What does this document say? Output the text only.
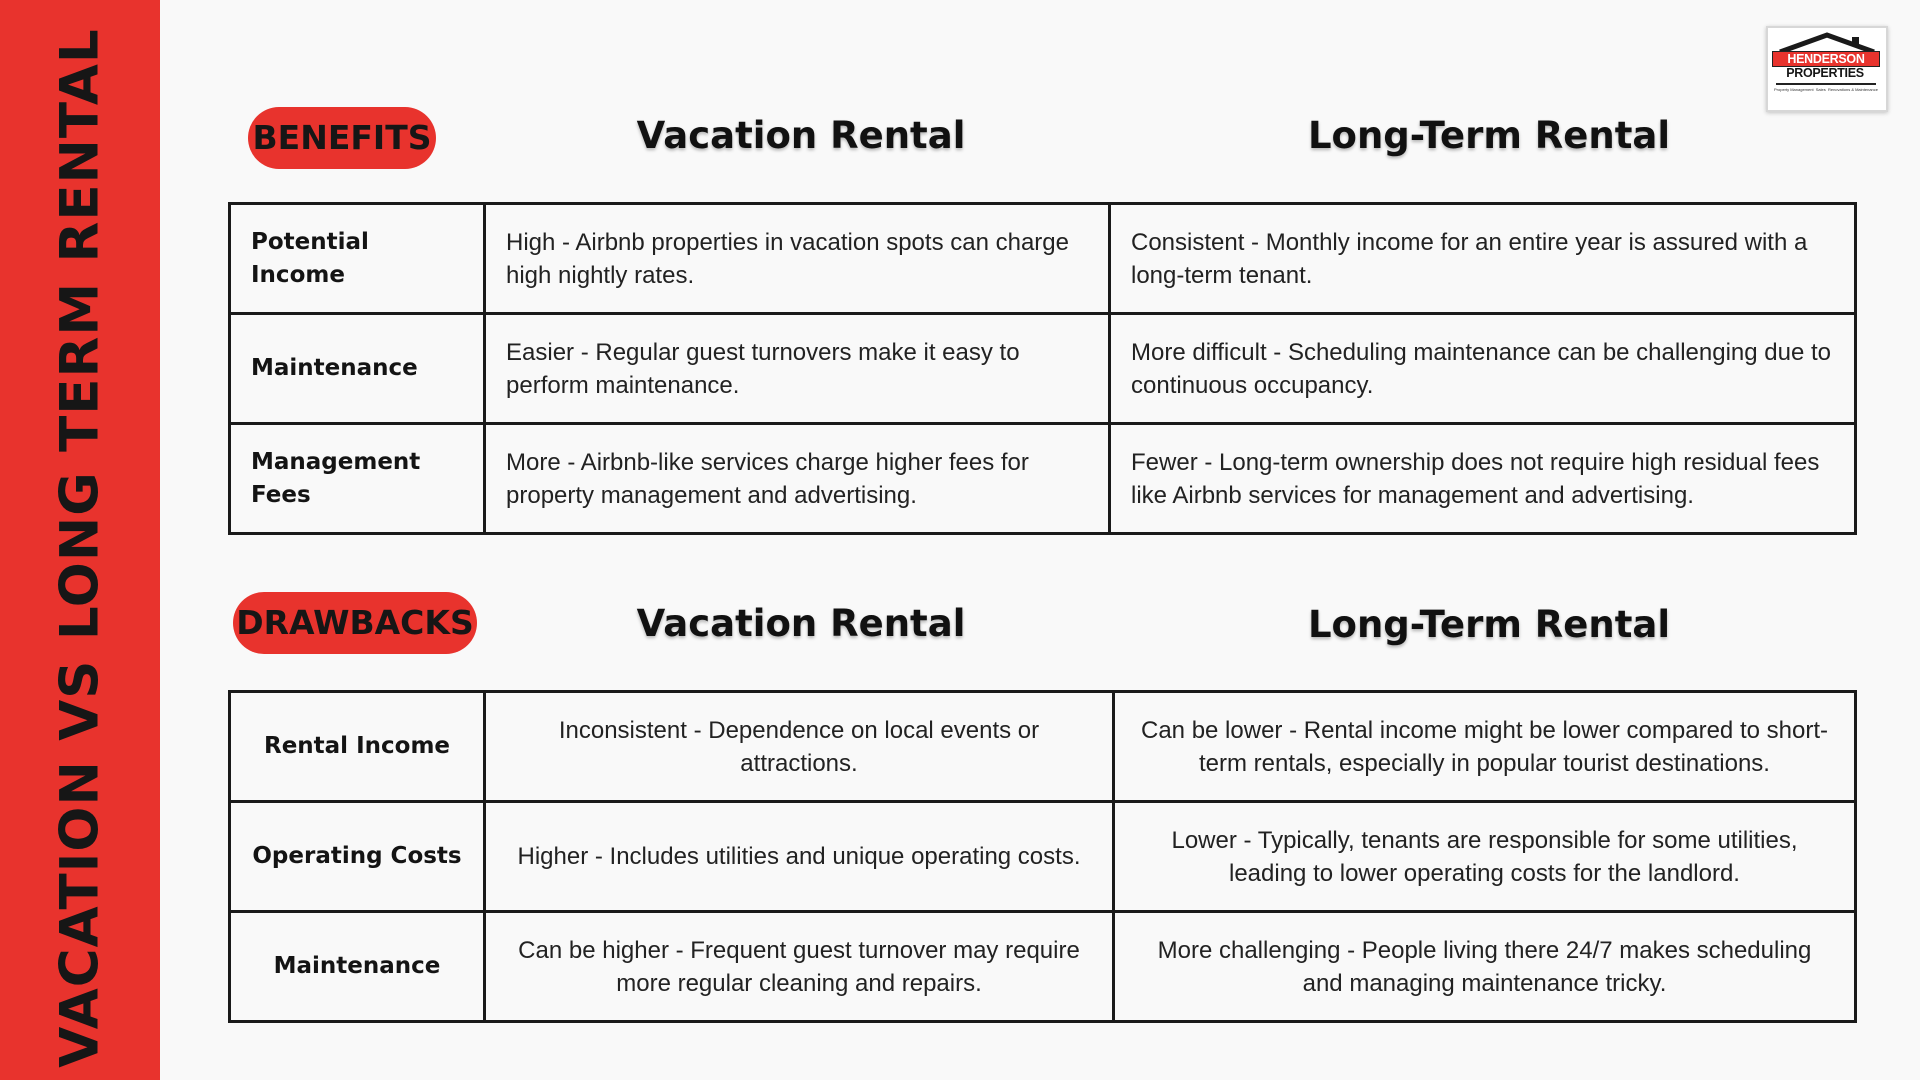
VACATION VS LONG TERM RENTAL	HENDERSON
PROPERTIES
Property Management Sales Renovations & Maintenance
BENEFITS	Vacation Rental	Long-Term Rental
Potential Income	High - Airbnb properties in vacation spots can charge high nightly rates.	Consistent - Monthly income for an entire year is assured with a long-term tenant.
Maintenance	Easier - Regular guest turnovers make it easy to perform maintenance.	More difficult - Scheduling maintenance can be challenging due to continuous occupancy.
Management Fees	More - Airbnb-like services charge higher fees for property management and advertising.	Fewer - Long-term ownership does not require high residual fees like Airbnb services for management and advertising.
DRAWBACKS	Vacation Rental	Long-Term Rental
Rental Income	Inconsistent - Dependence on local events or attractions.	Can be lower - Rental income might be lower compared to short-term rentals, especially in popular tourist destinations.
Operating Costs	Higher - Includes utilities and unique operating costs.	Lower - Typically, tenants are responsible for some utilities, leading to lower operating costs for the landlord.
Maintenance	Can be higher - Frequent guest turnover may require more regular cleaning and repairs.	More challenging - People living there 24/7 makes scheduling and managing maintenance tricky.
